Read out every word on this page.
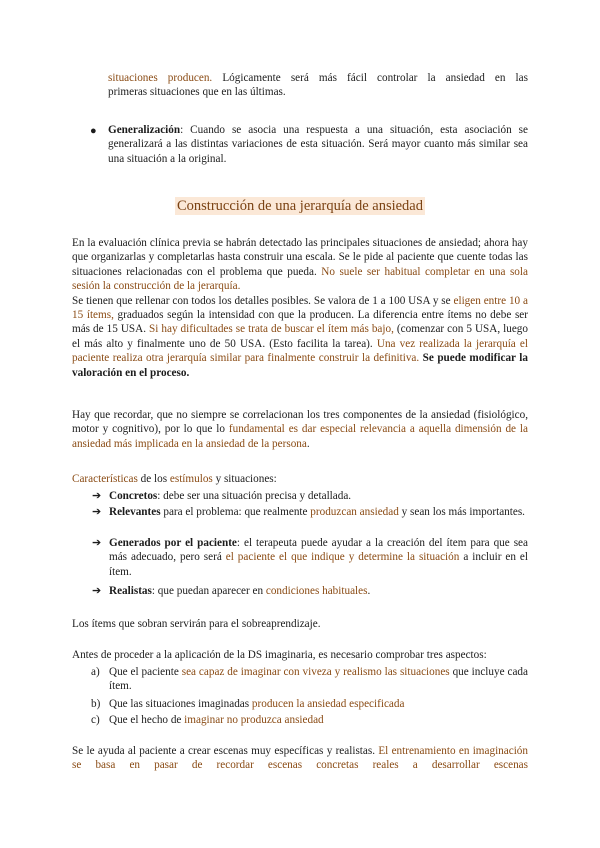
situaciones producen. Lógicamente será más fácil controlar la ansiedad en las

primeras situaciones que en las últimas.

● Generalización: Cuando se asocia una respuesta a una situación, esta asociación se generalizará a las distintas variaciones de esta situación. Será mayor cuanto más similar sea una situación a la original.

Construcción de una jerarquía de ansiedad

En la evaluación clínica previa se habrán detectado las principales situaciones de ansiedad; ahora hay que organizarlas y completarlas hasta construir una escala. Se le pide al paciente que cuente todas las situaciones relacionadas con el problema que pueda. No suele ser habitual completar en una sola sesión la construcción de la jerarquía.

Se tienen que rellenar con todos los detalles posibles. Se valora de 1 a 100 USA y se eligen entre 10 a 15 ítems, graduados según la intensidad con que la producen. La diferencia entre ítems no debe ser más de 15 USA. Si hay dificultades se trata de buscar el ítem más bajo, (comenzar con 5 USA, luego el más alto y finalmente uno de 50 USA. (Esto facilita la tarea). Una vez realizada la jerarquía el paciente realiza otra jerarquía similar para finalmente construir la definitiva. Se puede modificar la valoración en el proceso.

Hay que recordar, que no siempre se correlacionan los tres componentes de la ansiedad (fisiológico, motor y cognitivo), por lo que lo fundamental es dar especial relevancia a aquella dimensión de la ansiedad más implicada en la ansiedad de la persona.

Características de los estímulos y situaciones:

➔ Concretos: debe ser una situación precisa y detallada.

➔ Relevantes para el problema: que realmente produzcan ansiedad y sean los más importantes.

➔ Generados por el paciente: el terapeuta puede ayudar a la creación del ítem para que sea más adecuado, pero será el paciente el que indique y determine la situación a incluir en el ítem.

➔ Realistas: que puedan aparecer en condiciones habituales.

Los ítems que sobran servirán para el sobreaprendizaje.

Antes de proceder a la aplicación de la DS imaginaria, es necesario comprobar tres aspectos:

a) Que el paciente sea capaz de imaginar con viveza y realismo las situaciones que incluye cada ítem.

b) Que las situaciones imaginadas producen la ansiedad especificada

c) Que el hecho de imaginar no produzca ansiedad

Se le ayuda al paciente a crear escenas muy específicas y realistas. El entrenamiento en imaginación se basa en pasar de recordar escenas concretas reales a desarrollar escenas
